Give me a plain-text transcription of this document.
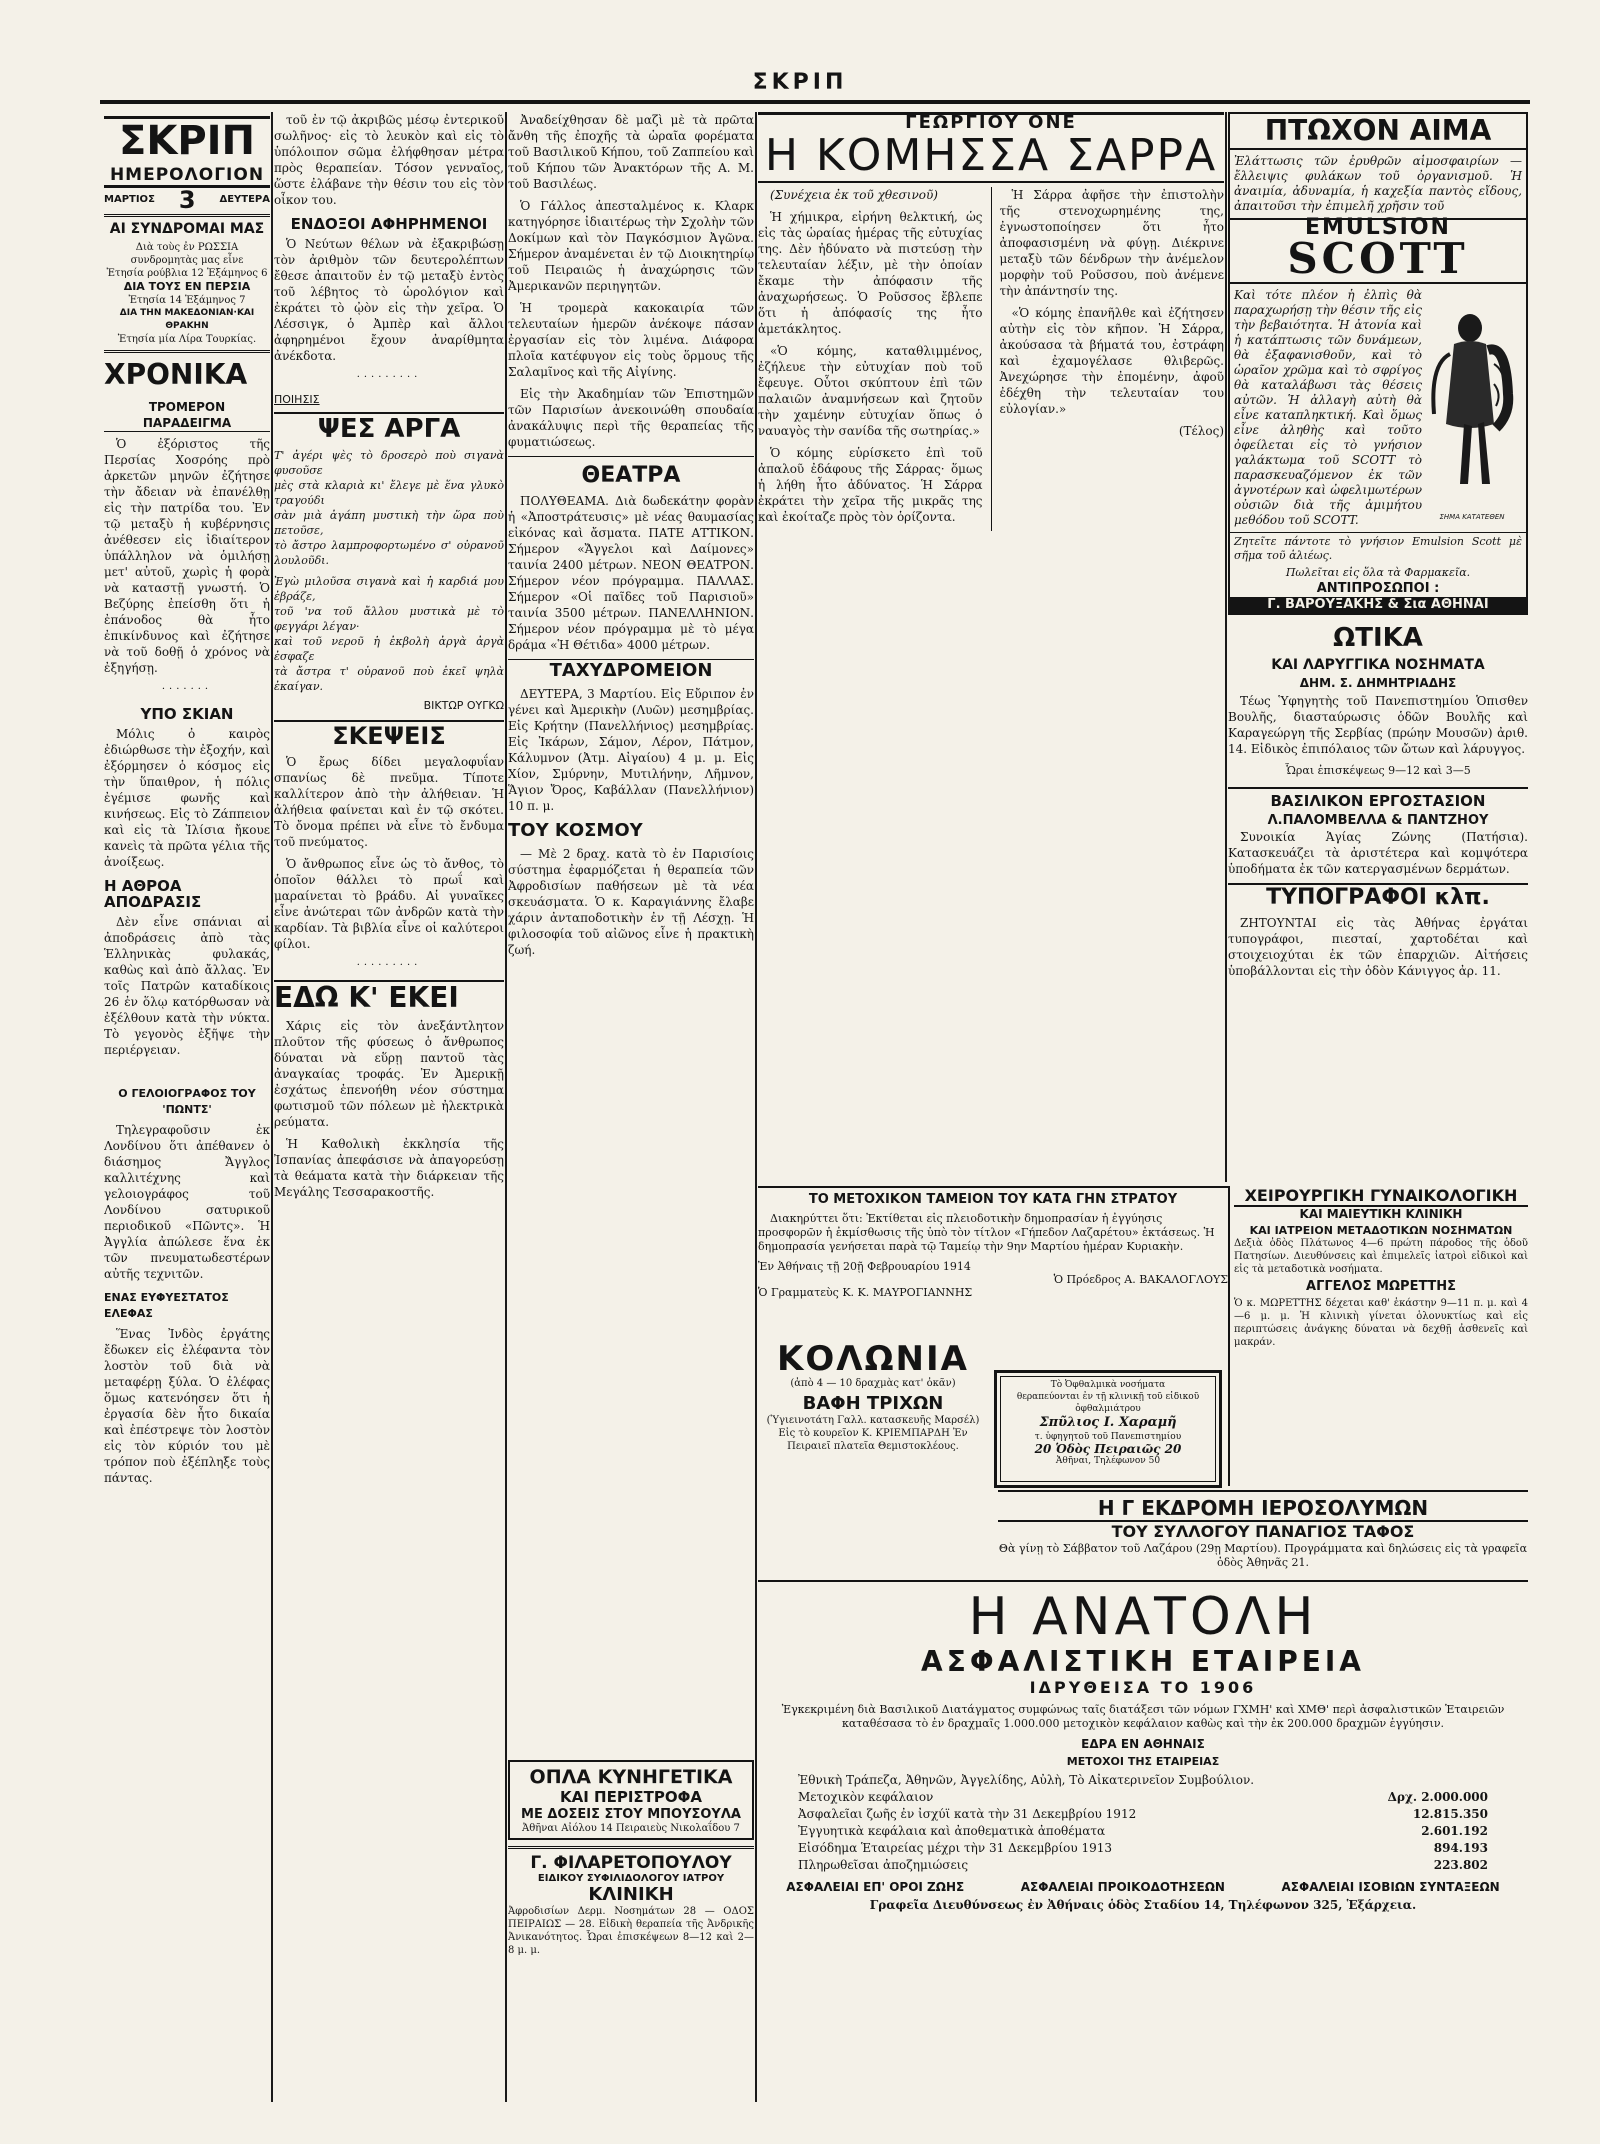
ΣΚΡΙΠ
ΣΚΡΙΠ
ΗΜΕΡΟΛΟΓΙΟΝ
ΜΑΡΤΙΟΣ 3 ΔΕΥΤΕΡΑ
ΑΙ ΣΥΝΔΡΟΜΑΙ ΜΑΣ
Διὰ τοὺς ἐν ΡΩΣΣΙΑ συνδρομητὰς μας εἶνε
Ἐτησία ρούβλια 12 Ἑξάμηνος 6
ΔΙΑ ΤΟΥΣ ΕΝ ΠΕΡΣΙΑ
Ἐτησία 14 Ἑξάμηνος 7
ΔΙΑ ΤΗΝ ΜΑΚΕΔΟΝΙΑΝ·ΚΑΙ ΘΡΑΚΗΝ
Ἐτησία μία Λίρα Τουρκίας.
ΧΡΟΝΙΚΑ
ΤΡΟΜΕΡΟΝ ΠΑΡΑΔΕΙΓΜΑ

Ὁ ἐξόριστος τῆς Περσίας Χοσρόης πρὸ ἀρκετῶν μηνῶν ἐζήτησε τὴν ἄδειαν νὰ ἐπανέλθῃ εἰς τὴν πατρίδα του. Ἐν τῷ μεταξὺ ἡ κυβέρνησις ἀνέθεσεν εἰς ἰδιαίτερον ὑπάλληλον νὰ ὁμιλήσῃ μετ' αὐτοῦ, χωρὶς ἡ φορὰ νὰ καταστῇ γνωστή. Ὁ Βεζύρης ἐπείσθη ὅτι ἡ ἐπάνοδος θὰ ἦτο ἐπικίνδυνος καὶ ἐζήτησε νὰ τοῦ δοθῇ ὁ χρόνος νὰ ἐξηγήσῃ.

·······
ΥΠΟ ΣΚΙΑΝ

Μόλις ὀ καιρὸς ἐδιώρθωσε τὴν ἐξοχήν, καὶ ἐξόρμησεν ὁ κόσμος εἰς τὴν ὕπαιθρον, ἡ πόλις ἐγέμισε φωνῆς καὶ κινήσεως. Εἰς τὸ Ζάππειον καὶ εἰς τὰ Ἰλίσια ἤκουε κανεὶς τὰ πρῶτα γέλια τῆς ἀνοίξεως.

Η ΑΘΡΟΑ ΑΠΟΔΡΑΣΙΣ

Δὲν εἶνε σπάνιαι αἱ ἀποδράσεις ἀπὸ τὰς Ἑλληνικὰς φυλακάς, καθὼς καὶ ἀπὸ ἄλλας. Ἐν τοῖς Πατρῶν καταδίκοις 26 ἐν ὅλῳ κατόρθωσαν νὰ ἐξέλθουν κατὰ τὴν νύκτα. Τὸ γεγονὸς ἐξῆψε τὴν περιέργειαν.

Ο ΓΕΛΟΙΟΓΡΑΦΟΣ ΤΟΥ 'ΠΩΝΤΣ'

Τηλεγραφοῦσιν ἐκ Λονδίνου ὅτι ἀπέθανεν ὁ διάσημος Ἄγγλος καλλιτέχνης καὶ γελοιογράφος τοῦ Λονδίνου σατυρικοῦ περιοδικοῦ «Πῶντς». Ἡ Ἀγγλία ἀπώλεσε ἕνα ἐκ τῶν πνευματωδεστέρων αὐτῆς τεχνιτῶν.

ΕΝΑΣ ΕΥΦΥΕΣΤΑΤΟΣ ΕΛΕΦΑΣ

Ἕνας Ἰνδὸς ἐργάτης ἔδωκεν εἰς ἐλέφαντα τὸν λοστὸν τοῦ διὰ νὰ μεταφέρῃ ξύλα. Ὁ ἐλέφας ὅμως κατενόησεν ὅτι ἡ ἐργασία δὲν ἦτο δικαία καὶ ἐπέστρεψε τὸν λοστὸν εἰς τὸν κύριόν του μὲ τρόπον ποὺ ἐξέπληξε τοὺς πάντας.

τοῦ ἐν τῷ ἀκριβῶς μέσῳ ἐντερικοῦ σωλῆνος· εἰς τὸ λευκὸν καὶ εἰς τὸ ὑπόλοιπον σῶμα ἐλήφθησαν μέτρα πρὸς θεραπείαν. Τόσον γενναῖος, ὥστε ἐλάβανε τὴν θέσιν του εἰς τὸν οἶκον του.

ΕΝΔΟΞΟΙ ΑΦΗΡΗΜΕΝΟΙ

Ὁ Νεύτων θέλων νὰ ἐξακριβώσῃ τὸν ἀριθμὸν τῶν δευτερολέπτων ἔθεσε ἀπαιτοῦν ἐν τῷ μεταξὺ ἐντὸς τοῦ λέβητος τὸ ὡρολόγιον καὶ ἐκράτει τὸ ᾠὸν εἰς τὴν χεῖρα. Ὁ Λέσσιγκ, ὁ Ἀμπὲρ καὶ ἄλλοι ἀφηρημένοι ἔχουν ἀναρίθμητα ἀνέκδοτα.

·········
ΠΟΙΗΣΙΣ
ΨΕΣ ΑΡΓΑ
Τ' ἀγέρι ψὲς τὸ δροσερὸ ποὺ σιγανὰ φυσοῦσε
μὲς στὰ κλαριὰ κι' ἔλεγε μὲ ἕνα γλυκὸ τραγούδι
σὰν μιὰ ἀγάπη μυστικὴ τὴν ὥρα ποὺ πετοῦσε,
τὸ ἄστρο λαμπροφορτωμένο σ' οὐρανοῦ λουλοῦδι.
Ἐγὼ μιλοῦσα σιγανὰ καὶ ἡ καρδιά μου ἐβράζε,
τοῦ 'να τοῦ ἄλλου μυστικὰ μὲ τὸ φεγγάρι λέγαν·
καὶ τοῦ νεροῦ ἡ ἐκβολὴ ἀργὰ ἀργὰ ἐσφαζε
τὰ ἄστρα τ' οὐρανοῦ ποὺ ἐκεῖ ψηλὰ ἐκαίγαν.
ΒΙΚΤΩΡ ΟΥΓΚΩ
ΣΚΕΨΕΙΣ

Ὁ ἔρως δίδει μεγαλοφυΐαν σπανίως δὲ πνεῦμα. Τίποτε καλλίτερον ἀπὸ τὴν ἀλήθειαν. Ἡ ἀλήθεια φαίνεται καὶ ἐν τῷ σκότει. Τὸ ὄνομα πρέπει νὰ εἶνε τὸ ἔνδυμα τοῦ πνεύματος.

Ὁ ἄνθρωπος εἶνε ὡς τὸ ἄνθος, τὸ ὁποῖον θάλλει τὸ πρωΐ καὶ μαραίνεται τὸ βράδυ. Αἱ γυναῖκες εἶνε ἀνώτεραι τῶν ἀνδρῶν κατὰ τὴν καρδίαν. Τὰ βιβλία εἶνε οἱ καλύτεροι φίλοι.

·········
ΕΔΩ Κ' ΕΚΕΙ

Χάρις εἰς τὸν ἀνεξάντλητον πλοῦτον τῆς φύσεως ὁ ἄνθρωπος δύναται νὰ εὕρῃ παντοῦ τὰς ἀναγκαίας τροφάς. Ἐν Ἀμερικῇ ἐσχάτως ἐπενοήθη νέον σύστημα φωτισμοῦ τῶν πόλεων μὲ ἠλεκτρικὰ ρεύματα.

Ἡ Καθολικὴ ἐκκλησία τῆς Ἰσπανίας ἀπεφάσισε νὰ ἀπαγορεύσῃ τὰ θεάματα κατὰ τὴν διάρκειαν τῆς Μεγάλης Τεσσαρακοστῆς.

Ἀναδείχθησαν δὲ μαζὶ μὲ τὰ πρῶτα ἄνθη τῆς ἐποχῆς τὰ ὡραῖα φορέματα τοῦ Βασιλικοῦ Κήπου, τοῦ Ζαππείου καὶ τοῦ Κήπου τῶν Ἀνακτόρων τῆς Α. Μ. τοῦ Βασιλέως.

Ὁ Γάλλος ἀπεσταλμένος κ. Κλαρκ κατηγόρησε ἰδιαιτέρως τὴν Σχολὴν τῶν Δοκίμων καὶ τὸν Παγκόσμιον Ἀγῶνα. Σήμερον ἀναμένεται ἐν τῷ Διοικητηρίῳ τοῦ Πειραιῶς ἡ ἀναχώρησις τῶν Ἀμερικανῶν περιηγητῶν.

Ἡ τρομερὰ κακοκαιρία τῶν τελευταίων ἡμερῶν ἀνέκοψε πάσαν ἐργασίαν εἰς τὸν λιμένα. Διάφορα πλοῖα κατέφυγον εἰς τοὺς ὅρμους τῆς Σαλαμῖνος καὶ τῆς Αἰγίνης.

Εἰς τὴν Ἀκαδημίαν τῶν Ἐπιστημῶν τῶν Παρισίων ἀνεκοινώθη σπουδαία ἀνακάλυψις περὶ τῆς θεραπείας τῆς φυματιώσεως.

ΘΕΑΤΡΑ

ΠΟΛΥΘΕΑΜΑ. Διὰ δωδεκάτην φορὰν ἡ «Ἀποστράτευσις» μὲ νέας θαυμασίας εἰκόνας καὶ ἄσματα. ΠΑΤΕ ΑΤΤΙΚΟΝ. Σήμερον «Ἄγγελοι καὶ Δαίμονες» ταινία 2400 μέτρων. ΝΕΟΝ ΘΕΑΤΡΟΝ. Σήμερον νέον πρόγραμμα. ΠΑΛΛΑΣ. Σήμερον «Οἱ παῖδες τοῦ Παρισιοῦ» ταινία 3500 μέτρων. ΠΑΝΕΛΛΗΝΙΟΝ. Σήμερον νέον πρόγραμμα μὲ τὸ μέγα δράμα «Ἡ Θέτιδα» 4000 μέτρων.

ΤΑΧΥΔΡΟΜΕΙΟΝ

ΔΕΥΤΕΡΑ, 3 Μαρτίου. Εἰς Εὔριπον ἐν γένει καὶ Ἀμερικὴν (Λυῶν) μεσημβρίας. Εἰς Κρήτην (Πανελλήνιος) μεσημβρίας. Εἰς Ἰκάρων, Σάμον, Λέρον, Πάτμον, Κάλυμνον (Ἀτμ. Αἰγαίου) 4 μ. μ. Εἰς Χίον, Σμύρνην, Μυτιλήνην, Λῆμνον, Ἅγιον Ὄρος, Καβάλλαν (Πανελλήνιον) 10 π. μ.

ΤΟΥ ΚΟΣΜΟΥ

— Μὲ 2 δραχ. κατὰ τὸ ἐν Παρισίοις σύστημα ἐφαρμόζεται ἡ θεραπεία τῶν Ἀφροδισίων παθήσεων μὲ τὰ νέα σκευάσματα. Ὁ κ. Καραγιάννης ἔλαβε χάριν ἀνταποδοτικὴν ἐν τῇ Λέσχῃ. Ἡ φιλοσοφία τοῦ αἰῶνος εἶνε ἡ πρακτικὴ ζωή.

ΟΠΛΑ ΚΥΝΗΓΕΤΙΚΑ
ΚΑΙ ΠΕΡΙΣΤΡΟΦΑ
ΜΕ ΔΟΣΕΙΣ ΣΤΟΥ ΜΠΟΥΣΟΥΛΑ
Ἀθῆναι Αἰόλου 14 Πειραιεὺς Νικολαΐδου 7
Γ. ΦΙΛΑΡΕΤΟΠΟΥΛΟΥ
ΕΙΔΙΚΟΥ ΣΥΦΙΛΙΔΟΛΟΓΟΥ ΙΑΤΡΟΥ
ΚΛΙΝΙΚΗ
Ἀφροδισίων Δερμ. Νοσημάτων 28 — ΟΔΟΣ ΠΕΙΡΑΙΩΣ — 28. Εἰδικὴ θεραπεία τῆς Ἀνδρικῆς Ἀνικανότητος. Ὧραι ἐπισκέψεων 8—12 καὶ 2—8 μ. μ.
ΓΕΩΡΓΙΟΥ ΟΝΕ
Η ΚΟΜΗΣΣΑ ΣΑΡΡΑ

(Συνέχεια ἐκ τοῦ χθεσινοῦ)

Ἡ χήμικρα, εἰρήνη θελκτική, ὡς εἰς τὰς ὡραίας ἡμέρας τῆς εὐτυχίας της. Δὲν ἠδύνατο νὰ πιστεύσῃ τὴν τελευταίαν λέξιν, μὲ τὴν ὁποίαν ἔκαμε τὴν ἀπόφασιν τῆς ἀναχωρήσεως. Ὁ Ροῦσσος ἔβλεπε ὅτι ἡ ἀπόφασίς της ἦτο ἀμετάκλητος.

«Ὁ κόμης, καταθλιμμένος, ἐζήλευε τὴν εὐτυχίαν ποὺ τοῦ ἔφευγε. Οὗτοι σκύπτουν ἐπὶ τῶν παλαιῶν ἀναμνήσεων καὶ ζητοῦν τὴν χαμένην εὐτυχίαν ὅπως ὁ ναυαγὸς τὴν σανίδα τῆς σωτηρίας.»

Ὁ κόμης εὑρίσκετο ἐπὶ τοῦ ἀπαλοῦ ἐδάφους τῆς Σάρρας· ὅμως ἡ λήθη ἦτο ἀδύνατος. Ἡ Σάρρα ἐκράτει τὴν χεῖρα τῆς μικρᾶς της καὶ ἐκοίταζε πρὸς τὸν ὁρίζοντα.

Ἡ Σάρρα ἀφῆσε τὴν ἐπιστολὴν τῆς στενοχωρημένης της, ἐγνωστοποίησεν ὅτι ἦτο ἀποφασισμένη νὰ φύγῃ. Διέκρινε μεταξὺ τῶν δένδρων τὴν ἀνέμελον μορφὴν τοῦ Ροῦσσου, ποὺ ἀνέμενε τὴν ἀπάντησίν της.

«Ὁ κόμης ἐπανῆλθε καὶ ἐζήτησεν αὐτὴν εἰς τὸν κῆπον. Ἡ Σάρρα, ἀκούσασα τὰ βήματά του, ἐστράφη καὶ ἐχαμογέλασε θλιβερῶς. Ἀνεχώρησε τὴν ἐπομένην, ἀφοῦ ἐδέχθη τὴν τελευταίαν του εὐλογίαν.»

(Τέλος)
ΠΤΩΧΟΝ ΑΙΜΑ
Ἐλάττωσις τῶν ἐρυθρῶν αἱμοσφαιρίων — ἔλλειψις φυλάκων τοῦ ὀργανισμοῦ. Ἡ ἀναιμία, ἀδυναμία, ἡ καχεξία παντὸς εἴδους, ἀπαιτοῦσι τὴν ἐπιμελῆ χρῆσιν τοῦ
EMULSION
SCOTT
Καὶ τότε πλέον ἡ ἐλπὶς θὰ παραχωρήσῃ τὴν θέσιν τῆς εἰς τὴν βεβαιότητα. Ἡ ἀτονία καὶ ἡ κατάπτωσις τῶν δυνάμεων, θὰ ἐξαφανισθοῦν, καὶ τὸ ὡραῖον χρῶμα καὶ τὸ σφρίγος θὰ καταλάβωσι τὰς θέσεις αὐτῶν. Ἡ ἀλλαγὴ αὐτὴ θὰ εἶνε καταπληκτική. Καὶ ὅμως εἶνε ἀληθὴς καὶ τοῦτο ὀφείλεται εἰς τὸ γνήσιον γαλάκτωμα τοῦ SCOTT τὸ παρασκευαζόμενον ἐκ τῶν ἀγνοτέρων καὶ ὠφελιμωτέρων οὐσιῶν διὰ τῆς ἀμιμήτου μεθόδου τοῦ SCOTT.	ΣΗΜΑ ΚΑΤΑΤΕΘΕΝ
Ζητεῖτε πάντοτε τὸ γνήσιον Emulsion Scott μὲ σῆμα τοῦ ἁλιέως.
Πωλεῖται εἰς ὅλα τὰ Φαρμακεῖα.
ΑΝΤΙΠΡΟΣΩΠΟΙ :
Γ. ΒΑΡΟΥΞΑΚΗΣ & Σια ΑΘΗΝΑΙ
ΩΤΙΚΑ
ΚΑΙ ΛΑΡΥΓΓΙΚΑ ΝΟΣΗΜΑΤΑ
ΔΗΜ. Σ. ΔΗΜΗΤΡΙΑΔΗΣ

Τέως Ὑφηγητὴς τοῦ Πανεπιστημίου Ὁπισθεν Βουλῆς, διασταύρωσις ὁδῶν Βουλῆς καὶ Καραγεώργη τῆς Σερβίας (πρώην Μουσῶν) ἀριθ. 14. Εἰδικὸς ἐπιπόλαιος τῶν ὤτων καὶ λάρυγγος.

Ὧραι ἐπισκέψεως 9—12 καὶ 3—5
ΒΑΣΙΛΙΚΟΝ ΕΡΓΟΣΤΑΣΙΟΝ
Λ.ΠΑΛΟΜΒΕΛΛΑ & ΠΑΝΤΖΗΟΥ

Συνοικία Ἁγίας Ζώνης (Πατήσια). Κατασκευάζει τὰ ἀριστέτερα καὶ κομψότερα ὑποδήματα ἐκ τῶν κατεργασμένων δερμάτων.

ΤΥΠΟΓΡΑΦΟΙ κλπ.

ΖΗΤΟΥΝΤΑΙ εἰς τὰς Ἀθήνας ἐργάται τυπογράφοι, πιεσταί, χαρτοδέται καὶ στοιχειοχύται ἐκ τῶν ἐπαρχιῶν. Αἰτήσεις ὑποβάλλονται εἰς τὴν ὁδὸν Κάνιγγος ἀρ. 11.

ΤΟ ΜΕΤΟΧΙΚΟΝ ΤΑΜΕΙΟΝ ΤΟΥ ΚΑΤΑ ΓΗΝ ΣΤΡΑΤΟΥ

Διακηρύττει ὅτι: Ἐκτίθεται εἰς πλειοδοτικὴν δημοπρασίαν ἡ ἐγγύησις προσφορῶν ἡ ἐκμίσθωσις τῆς ὑπὸ τὸν τίτλον «Γήπεδον Λαζαρέτου» ἐκτάσεως. Ἡ δημοπρασία γενήσεται παρὰ τῷ Ταμείῳ τὴν 9ην Μαρτίου ἡμέραν Κυριακὴν.

Ἐν Ἀθήναις τῇ 20ῇ Φεβρουαρίου 1914
Ὁ Πρόεδρος Α. ΒΑΚΑΛΟΓΛΟΥΣ
Ὁ Γραμματεὺς Κ. Κ. ΜΑΥΡΟΓΙΑΝΝΗΣ
ΚΟΛΩΝΙΑ
(ἀπὸ 4 — 10 δραχμὰς κατ' ὀκᾶν)
ΒΑΦΗ ΤΡΙΧΩΝ
(Ὑγιεινοτάτη Γαλλ. κατασκευῆς Μαρσέλ) Εἰς τὸ κουρεῖον Κ. ΚΡΙΕΜΠΑΡΔΗ Ἐν Πειραιεῖ πλατεῖα Θεμιστοκλέους.
Τὸ Ὀφθαλμικὰ νοσήματα
θεραπεύονται ἐν τῇ κλινικῇ τοῦ εἰδικοῦ ὀφθαλμιάτρου
Σπῦλιος Ι. Χαραμῆ
τ. ὑφηγητοῦ τοῦ Πανεπιστημίου
20 Ὁδὸς Πειραιῶς 20
Ἀθῆναι, Τηλέφωνον 50
ΧΕΙΡΟΥΡΓΙΚΗ ΓΥΝΑΙΚΟΛΟΓΙΚΗ
ΚΑΙ ΜΑΙΕΥΤΙΚΗ ΚΛΙΝΙΚΗ
ΚΑΙ ΙΑΤΡΕΙΟΝ ΜΕΤΑΔΟΤΙΚΩΝ ΝΟΣΗΜΑΤΩΝ
Δεξιὰ ὁδὸς Πλάτωνος 4—6 πρώτη πάροδος τῆς ὁδοῦ Πατησίων. Διευθύνσεις καὶ ἐπιμελεῖς ἰατροὶ εἰδικοὶ καὶ εἰς τὰ μεταδοτικὰ νοσήματα.
ΑΓΓΕΛΟΣ ΜΩΡΕΤΤΗΣ
Ὁ κ. ΜΩΡΕΤΤΗΣ δέχεται καθ' ἑκάστην 9—11 π. μ. καὶ 4—6 μ. μ. Ἡ κλινικὴ γίνεται ὁλονυκτίως καὶ εἰς περιπτώσεις ἀνάγκης δύναται νὰ δεχθῇ ἀσθενεῖς καὶ μακράν.
Η Γ ΕΚΔΡΟΜΗ ΙΕΡΟΣΟΛΥΜΩΝ
ΤΟΥ ΣΥΛΛΟΓΟΥ ΠΑΝΑΓΙΟΣ ΤΑΦΟΣ
Θὰ γίνῃ τὸ Σάββατον τοῦ Λαζάρου (29ῃ Μαρτίου). Προγράμματα καὶ δηλώσεις εἰς τὰ γραφεῖα ὁδὸς Ἀθηνᾶς 21.
Η ΑΝΑΤΟΛΗ
ΑΣΦΑΛΙΣΤΙΚΗ ΕΤΑΙΡΕΙΑ
ΙΔΡΥΘΕΙΣΑ ΤΟ 1906
Ἐγκεκριμένη διὰ Βασιλικοῦ Διατάγματος συμφώνως ταῖς διατάξεσι τῶν νόμων ΓΧΜΗ' καὶ ΧΜΘ' περὶ ἀσφαλιστικῶν Ἑταιρειῶν καταθέσασα τὸ ἐν δραχμαῖς 1.000.000 μετοχικὸν κεφάλαιον καθὼς καὶ τὴν ἐκ 200.000 δραχμῶν ἐγγύησιν.
ΕΔΡΑ ΕΝ ΑΘΗΝΑΙΣ
ΜΕΤΟΧΟΙ ΤΗΣ ΕΤΑΙΡΕΙΑΣ
Ἐθνικὴ Τράπεζα, Ἀθηνῶν, Ἀγγελίδης, Αὐλὴ, Τὸ Αἰκατερινεῖον Συμβούλιον.
Μετοχικὸν κεφάλαιον	Δρχ. 2.000.000
Ἀσφαλεῖαι ζωῆς ἐν ἰσχύϊ κατὰ τὴν 31 Δεκεμβρίου 1912	12.815.350
Ἐγγυητικὰ κεφάλαια καὶ ἀποθεματικὰ ἀποθέματα	2.601.192
Εἰσόδημα Ἑταιρείας μέχρι τὴν 31 Δεκεμβρίου 1913	894.193
Πληρωθεῖσαι ἀποζημιώσεις	223.802
ΑΣΦΑΛΕΙΑΙ ΕΠ' ΟΡΟΙ ΖΩΗΣ	ΑΣΦΑΛΕΙΑΙ ΠΡΟΙΚΟΔΟΤΗΣΕΩΝ	ΑΣΦΑΛΕΙΑΙ ΙΣΟΒΙΩΝ ΣΥΝΤΑΞΕΩΝ
Γραφεῖα Διευθύνσεως ἐν Ἀθήναις ὁδὸς Σταδίου 14, Τηλέφωνον 325, Ἑξάρχεια.
